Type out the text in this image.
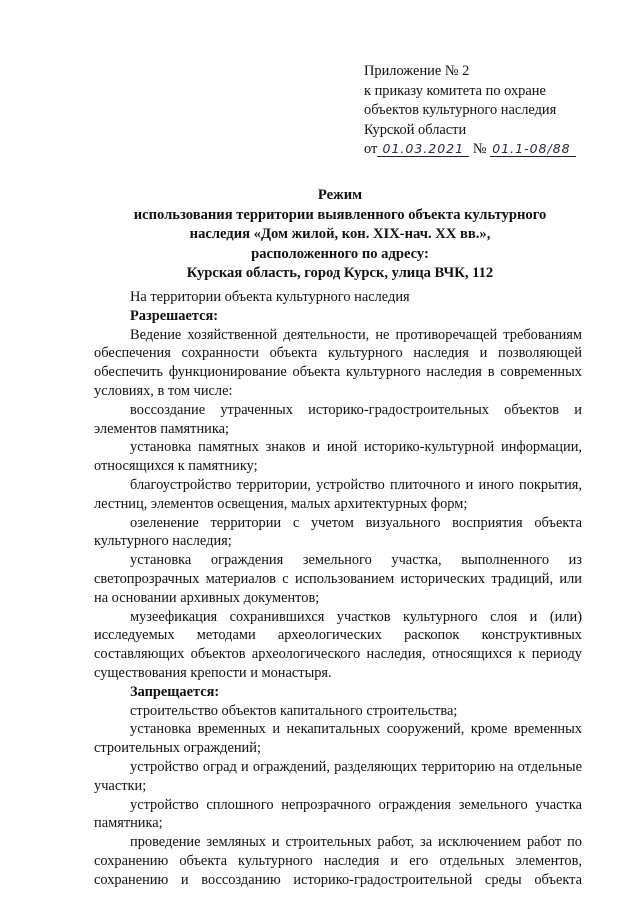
Приложение № 2
к приказу комитета по охране
объектов культурного наследия
Курской области
от 01.03.2021 № 01.1-08/88
Режим
использования территории выявленного объекта культурного
наследия «Дом жилой, кон. XIX-нач. XX вв.»,
расположенного по адресу:
Курская область, город Курск, улица ВЧК, 112

На территории объекта культурного наследия

Разрешается:

Ведение хозяйственной деятельности, не противоречащей требованиям обеспечения сохранности объекта культурного наследия и позволяющей обеспечить функционирование объекта культурного наследия в современных условиях, в том числе:

воссоздание утраченных историко-градостроительных объектов и элементов памятника;

установка памятных знаков и иной историко-культурной информации, относящихся к памятнику;

благоустройство территории, устройство плиточного и иного покрытия, лестниц, элементов освещения, малых архитектурных форм;

озеленение территории с учетом визуального восприятия объекта культурного наследия;

установка ограждения земельного участка, выполненного из светопрозрачных материалов с использованием исторических традиций, или на основании архивных документов;

музеефикация сохранившихся участков культурного слоя и (или) исследуемых методами археологических раскопок конструктивных составляющих объектов археологического наследия, относящихся к периоду существования крепости и монастыря.

Запрещается:

строительство объектов капитального строительства;

установка временных и некапитальных сооружений, кроме временных строительных ограждений;

устройство оград и ограждений, разделяющих территорию на отдельные участки;

устройство сплошного непрозрачного ограждения земельного участка памятника;

проведение земляных и строительных работ, за исключением работ по сохранению объекта культурного наследия и его отдельных элементов, сохранению и воссозданию историко-градостроительной среды объекта
